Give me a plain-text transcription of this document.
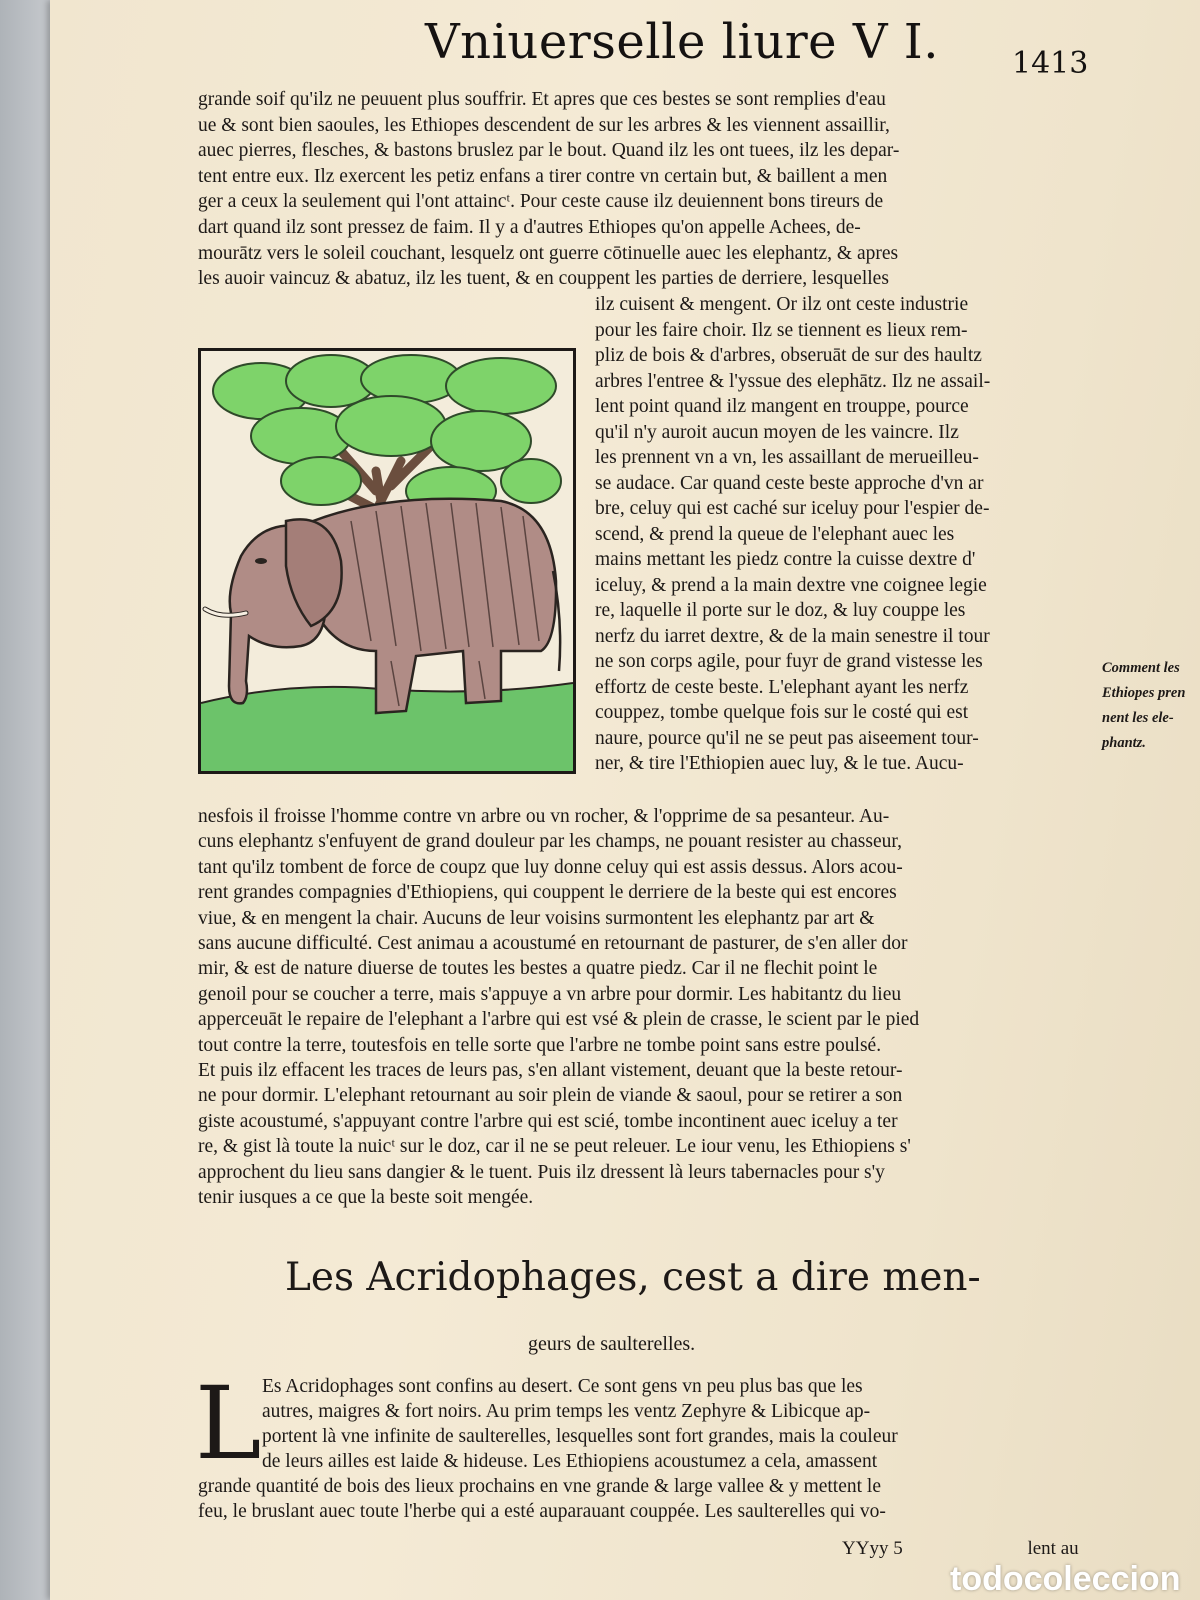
Vniuerselle liure V I. 1413
grande soif qu'ilz ne peuuent plus souffrir. Et apres que ces bestes se sont remplies d'eau
ue & sont bien saoules, les Ethiopes descendent de sur les arbres & les viennent assaillir,
auec pierres, flesches, & bastons bruslez par le bout. Quand ilz les ont tuees, ilz les depar-
tent entre eux. Ilz exercent les petiz enfans a tirer contre vn certain but, & baillent a men
ger a ceux la seulement qui l'ont attaincᵗ. Pour ceste cause ilz deuiennent bons tireurs de
dart quand ilz sont pressez de faim. Il y a d'autres Ethiopes qu'on appelle Achees, de-
mourātz vers le soleil couchant, lesquelz ont guerre cōtinuelle auec les elephantz, & apres
les auoir vaincuz & abatuz, ilz les tuent, & en couppent les parties de derriere, lesquelles
ilz cuisent & mengent. Or ilz ont ceste industrie
pour les faire choir. Ilz se tiennent es lieux rem-
pliz de bois & d'arbres, obseruāt de sur des haultz
arbres l'entree & l'yssue des elephātz. Ilz ne assail-
lent point quand ilz mangent en trouppe, pource
qu'il n'y auroit aucun moyen de les vaincre. Ilz
les prennent vn a vn, les assaillant de merueilleu-
se audace. Car quand ceste beste approche d'vn ar
bre, celuy qui est caché sur iceluy pour l'espier de-
scend, & prend la queue de l'elephant auec les
mains mettant les piedz contre la cuisse dextre d'
iceluy, & prend a la main dextre vne coignee legie
re, laquelle il porte sur le doz, & luy couppe les
nerfz du iarret dextre, & de la main senestre il tour
ne son corps agile, pour fuyr de grand vistesse les
effortz de ceste beste. L'elephant ayant les nerfz
couppez, tombe quelque fois sur le costé qui est
naure, pource qu'il ne se peut pas aiseement tour-
ner, & tire l'Ethiopien auec luy, & le tue. Aucu-
nesfois il froisse l'homme contre vn arbre ou vn rocher, & l'opprime de sa pesanteur. Au-
cuns elephantz s'enfuyent de grand douleur par les champs, ne pouant resister au chasseur,
tant qu'ilz tombent de force de coupz que luy donne celuy qui est assis dessus. Alors acou-
rent grandes compagnies d'Ethiopiens, qui couppent le derriere de la beste qui est encores
viue, & en mengent la chair. Aucuns de leur voisins surmontent les elephantz par art &
sans aucune difficulté. Cest animau a acoustumé en retournant de pasturer, de s'en aller dor
mir, & est de nature diuerse de toutes les bestes a quatre piedz. Car il ne flechit point le
genoil pour se coucher a terre, mais s'appuye a vn arbre pour dormir. Les habitantz du lieu
apperceuāt le repaire de l'elephant a l'arbre qui est vsé & plein de crasse, le scient par le pied
tout contre la terre, toutesfois en telle sorte que l'arbre ne tombe point sans estre poulsé.
Et puis ilz effacent les traces de leurs pas, s'en allant vistement, deuant que la beste retour-
ne pour dormir. L'elephant retournant au soir plein de viande & saoul, pour se retirer a son
giste acoustumé, s'appuyant contre l'arbre qui est scié, tombe incontinent auec iceluy a ter
re, & gist là toute la nuicᵗ sur le doz, car il ne se peut releuer. Le iour venu, les Ethiopiens s'
approchent du lieu sans dangier & le tuent. Puis ilz dressent là leurs tabernacles pour s'y
tenir iusques a ce que la beste soit mengée.
Comment les
Ethiopes pren
nent les ele-
phantz.
Les Acridophages, cest a dire men-
geurs de saulterelles.
L Es Acridophages sont confins au desert. Ce sont gens vn peu plus bas que les
autres, maigres & fort noirs. Au prim temps les ventz Zephyre & Libicque ap-
portent là vne infinite de saulterelles, lesquelles sont fort grandes, mais la couleur
de leurs ailles est laide & hideuse. Les Ethiopiens acoustumez a cela, amassent
grande quantité de bois des lieux prochains en vne grande & large vallee & y mettent le
feu, le bruslant auec toute l'herbe qui a esté auparauant couppée. Les saulterelles qui vo-
YYyy 5	lent au
todocoleccion
